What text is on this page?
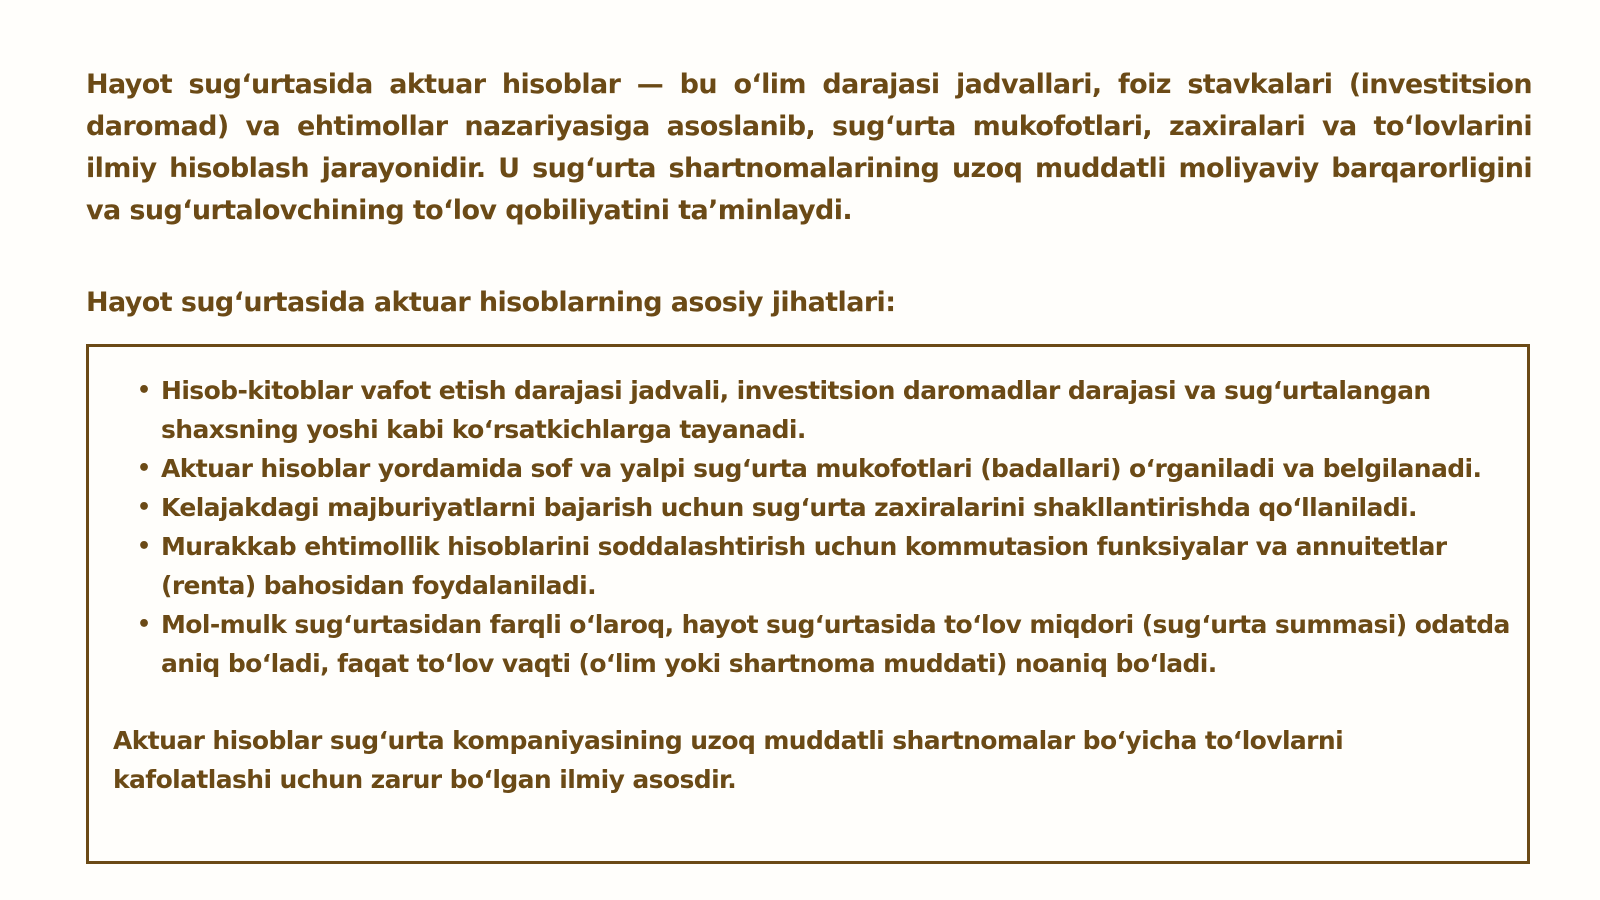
Hayot sug‘urtasida aktuar hisoblar — bu o‘lim darajasi jadvallari, foiz stavkalari (investitsion daromad) va ehtimollar nazariyasiga asoslanib, sug‘urta mukofotlari, zaxiralari va to‘lovlarini ilmiy hisoblash jarayonidir. U sug‘urta shartnomalarining uzoq muddatli moliyaviy barqarorligini va sug‘urtalovchining to‘lov qobiliyatini ta’minlaydi.

Hayot sug‘urtasida aktuar hisoblarning asosiy jihatlari:
• Hisob-kitoblar vafot etish darajasi jadvali, investitsion daromadlar darajasi va sug‘urtalangan shaxsning yoshi kabi ko‘rsatkichlarga tayanadi.
• Aktuar hisoblar yordamida sof va yalpi sug‘urta mukofotlari (badallari) o‘rganiladi va belgilanadi.
• Kelajakdagi majburiyatlarni bajarish uchun sug‘urta zaxiralarini shakllantirishda qo‘llaniladi.
• Murakkab ehtimollik hisoblarini soddalashtirish uchun kommutasion funksiyalar va annuitetlar (renta) bahosidan foydalaniladi.
• Mol-mulk sug‘urtasidan farqli o‘laroq, hayot sug‘urtasida to‘lov miqdori (sug‘urta summasi) odatda aniq bo‘ladi, faqat to‘lov vaqti (o‘lim yoki shartnoma muddati) noaniq bo‘ladi.

Aktuar hisoblar sug‘urta kompaniyasining uzoq muddatli shartnomalar bo‘yicha to‘lovlarni kafolatlashi uchun zarur bo‘lgan ilmiy asosdir.
